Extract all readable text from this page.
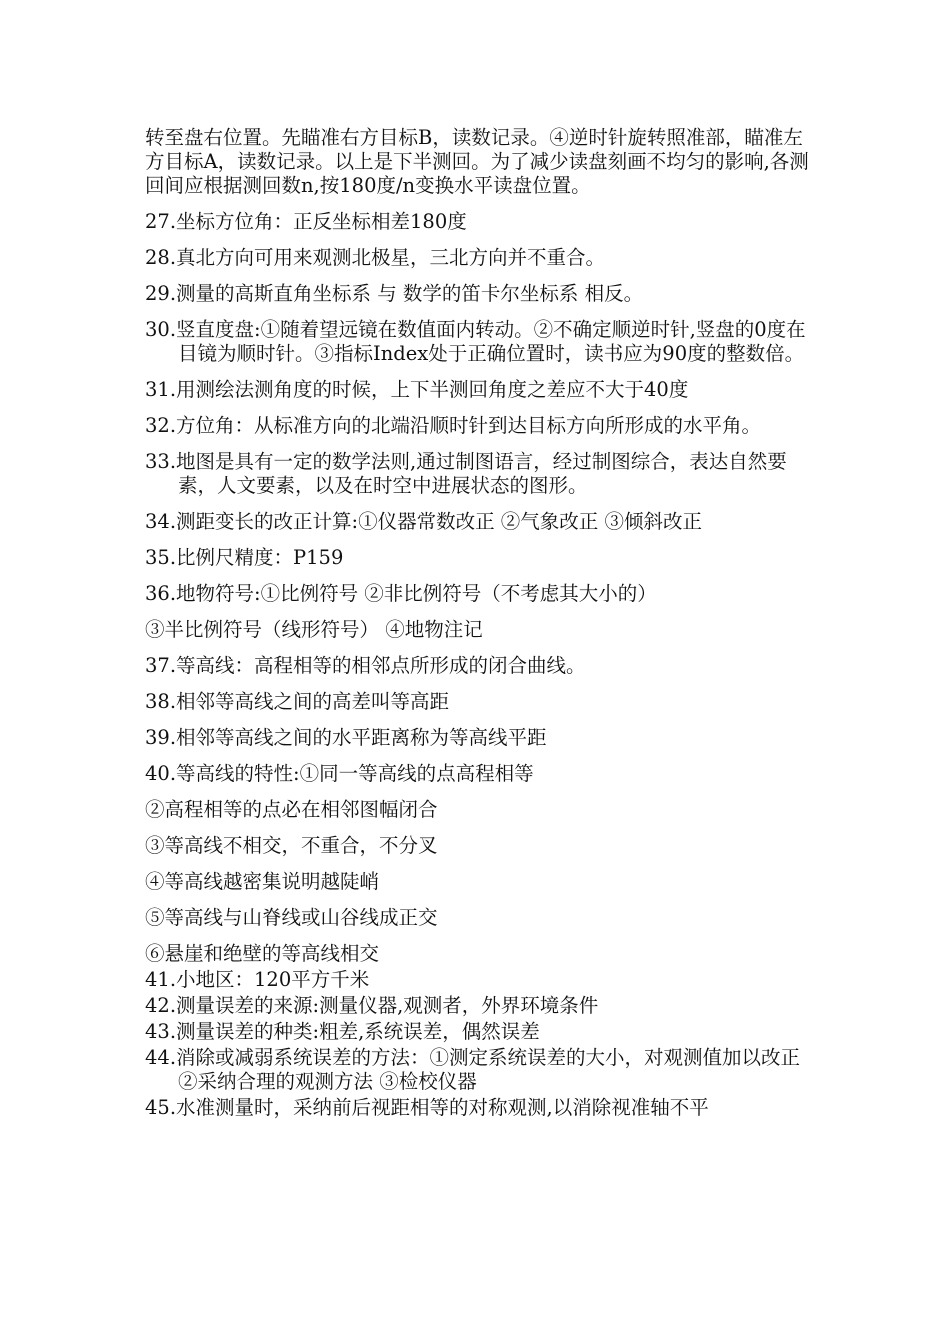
转至盘右位置。先瞄准右方目标B，读数记录。④逆时针旋转照准部，瞄准左方目标A，读数记录。以上是下半测回。为了减少读盘刻画不均匀的影响,各测回间应根据测回数n,按180度/n变换水平读盘位置。

27.坐标方位角：正反坐标相差180度

28.真北方向可用来观测北极星，三北方向并不重合。

29.测量的高斯直角坐标系 与 数学的笛卡尔坐标系 相反。

30.竖直度盘:①随着望远镜在数值面内转动。②不确定顺逆时针,竖盘的0度在目镜为顺时针。③指标Index处于正确位置时，读书应为90度的整数倍。

31.用测绘法测角度的时候，上下半测回角度之差应不大于40度

32.方位角：从标准方向的北端沿顺时针到达目标方向所形成的水平角。

33.地图是具有一定的数学法则,通过制图语言，经过制图综合，表达自然要素，人文要素，以及在时空中进展状态的图形。

34.测距变长的改正计算:①仪器常数改正 ②气象改正 ③倾斜改正

35.比例尺精度：P159

36.地物符号:①比例符号 ②非比例符号（不考虑其大小的）

③半比例符号（线形符号） ④地物注记

37.等高线：高程相等的相邻点所形成的闭合曲线。

38.相邻等高线之间的高差叫等高距

39.相邻等高线之间的水平距离称为等高线平距

40.等高线的特性:①同一等高线的点高程相等

②高程相等的点必在相邻图幅闭合

③等高线不相交，不重合，不分叉

④等高线越密集说明越陡峭

⑤等高线与山脊线或山谷线成正交

⑥悬崖和绝壁的等高线相交

41.小地区：120平方千米

42.测量误差的来源:测量仪器,观测者，外界环境条件

43.测量误差的种类:粗差,系统误差，偶然误差

44.消除或减弱系统误差的方法：①测定系统误差的大小，对观测值加以改正 ②采纳合理的观测方法 ③检校仪器

45.水准测量时，采纳前后视距相等的对称观测,以消除视准轴不平
